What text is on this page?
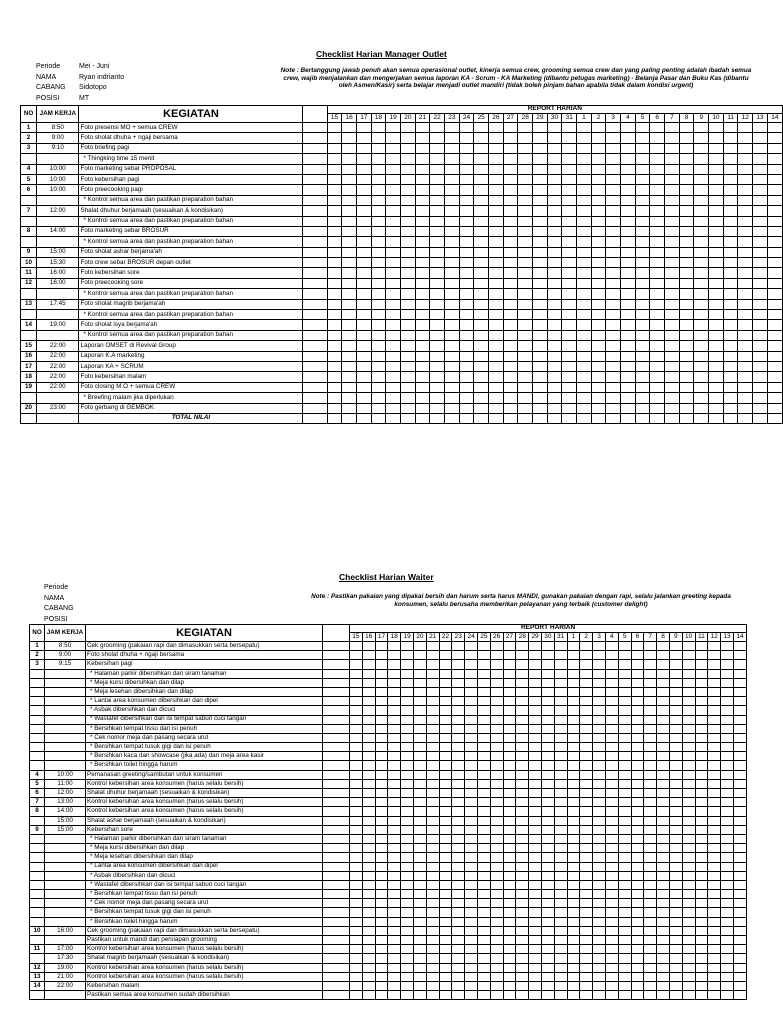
Checklist Harian Manager Outlet
Periode	Mei - Juni
NAMA	Ryan indrianto
CABANG	Sidotopo
POSISI	MT
Note : Bertanggung jawab penuh akan semua operasional outlet, kinerja semua crew, grooming semua crew dan yang paling penting adalah ibadah semua crew, wajib menjalankan dan mengerjakan semua laporan KA - Scrum - KA Marketing (dibantu petugas marketing) - Belanja Pasar dan Buku Kas (dibantu oleh Asmen/Kasir) serta belajar menjadi outlet mandiri (tidak boleh pinjam bahan apabila tidak dalam kondisi urgent)
NO	JAM KERJA	KEGIATAN		REPORT HARIAN																														
				15	16	17	18	19	20	21	22	23	24	25	26	27	28	29	30	31	1	2	3	4	5	6	7	8	9	10	11	12	13	14
1	8:50	Foto presensi MO + semua CREW																																
2	9:00	Foto sholat dhuha + ngaji bersama																																
3	9:10	Foto briefing pagi																																
		* Thingking time 15 menit																																
4	10:00	Foto marketing sebar PROPOSAL																																
5	10:00	Foto kebersihan pagi																																
6	10:00	Foto preecooking pagi																																
		* Kontrol semua area dan pastikan preparation bahan																																
7	12:00	Shalat dhuhur berjamaah (sesuaikan & kondisikan)																																
		* Kontrol semua area dan pastikan preparation bahan																																
8	14:00	Foto marketing sebar BROSUR																																
		* Kontrol semua area dan pastikan preparation bahan																																
9	15:00	Foto sholat ashar berjama'ah																																
10	15:30	Foto crew sebar BROSUR depan outlet																																
11	16:00	Foto kebersihan sore																																
12	16:00	Foto preecooking sore																																
		* Kontrol semua area dan pastikan preparation bahan																																
13	17:45	Foto sholat magrib berjama'ah																																
		* Kontrol semua area dan pastikan preparation bahan																																
14	19:00	Foto sholat isya berjama'ah																																
		* Kontrol semua area dan pastikan preparation bahan																																
15	22:00	Laporan OMSET di Revival Group																																
16	22:00	Laporan K.A marketing																																
17	22:00	Laporan KA + SCRUM																																
18	22:00	Foto kebersihan malam																																
19	22:00	Foto closing M.O + semua CREW																																
		* Breefing malam jika diperlukan																																
20	23:00	Foto gerbang di GEMBOK																																
		TOTAL NILAI																																
Checklist Harian Waiter
Periode
NAMA
CABANG
POSISI
Note : Pastikan pakaian yang dipakai bersih dan harum serta harus MANDI, gunakan pakaian dengan rapi, selalu jalankan greeting kepada konsumen, selalu berusaha memberikan pelayanan yang terbaik (customer delight)
NO	JAM KERJA	KEGIATAN		REPORT HARIAN																														
				15	16	17	18	19	20	21	22	23	24	25	26	27	28	29	30	31	1	2	3	4	5	6	7	8	9	10	11	12	13	14
1	8:50	Cek grooming (pakaian rapi dan dimasukkan serta bersepatu)																																
2	9:00	Foto sholat dhuha + ngaji bersama																																
3	9:15	Kebersihan pagi																																
		* Halaman parkir dibersihkan dan siram tanaman																																
		* Meja kursi dibersihkan dan dilap																																
		* Meja lesehan dibersihkan dan dilap																																
		* Lantai area konsumen dibersihkan dan dipel																																
		* Asbak dibersihkan dan dicuci																																
		* Wastafel dibersihkan dan isi tempat sabun cuci tangan																																
		* Bersihkan tempat tissu dan isi penuh																																
		* Cek nomor meja dan pasang secara urut																																
		* Bersihkan tempat tusuk gigi dan isi penuh																																
		* Bersihkan kaca dan showcase (jika ada) dan meja area kasir																																
		* Bersihkan toilet hingga harum																																
4	10:00	Pemanasan greeting/sambutan untuk konsumen																																
5	11:00	Kontrol kebersihan area konsumen (harus selalu bersih)																																
6	12:00	Shalat dhuhur berjamaah (sesuaikan & kondisikan)																																
7	13:00	Kontrol kebersihan area konsumen (harus selalu bersih)																																
8	14:00	Kontrol kebersihan area konsumen (harus selalu bersih)																																
	15:00	Shalat ashar berjamaah (sesuaikan & kondisikan)																																
9	15:00	Kebersihan sore																																
		* Halaman parkir dibersihkan dan siram tanaman																																
		* Meja kursi dibersihkan dan dilap																																
		* Meja lesehan dibersihkan dan dilap																																
		* Lantai area konsumen dibersihkan dan dipel																																
		* Asbak dibersihkan dan dicuci																																
		* Wastafel dibersihkan dan isi tempat sabun cuci tangan																																
		* Bersihkan tempat tissu dan isi penuh																																
		* Cek nomor meja dan pasang secara urut																																
		* Bersihkan tempat tusuk gigi dan isi penuh																																
		* Bersihkan toilet hingga harum																																
10	16:00	Cek grooming (pakaian rapi dan dimasukkan serta bersepatu)																																
		Pastikan untuk mandi dan persiapan grooming																																
11	17:00	Kontrol kebersihan area konsumen (harus selalu bersih)																																
	17:30	Shalat magrib berjamaah (sesuaikan & kondisikan)																																
12	19:00	Kontrol kebersihan area konsumen (harus selalu bersih)																																
13	21:00	Kontrol kebersihan area konsumen (harus selalu bersih)																																
14	22:00	Kebersihan malam																																
		Pastikan semua area konsumen sudah dibersihkan																																
